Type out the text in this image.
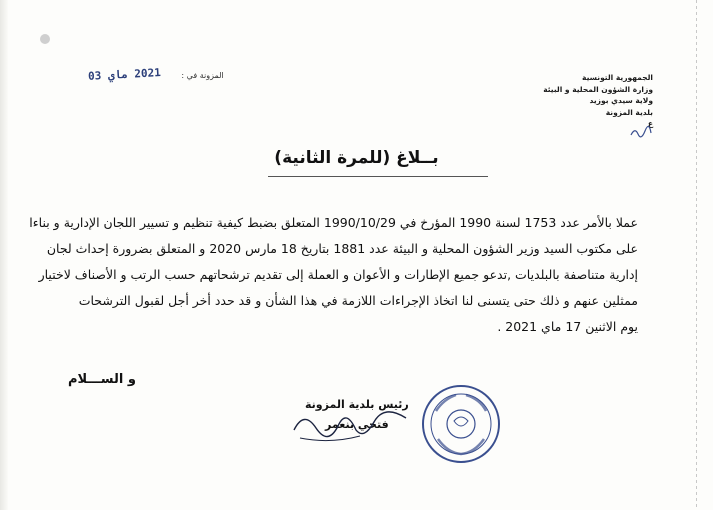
الجمهورية التونسية
وزارة الشؤون المحلية و البيئة
ولاية سيدي بوزيد
بلدية المزونة
ع
المزونة في : 2021 ماي 03
بــلاغ (للمرة الثانية)

عملا بالأمر عدد 1753 لسنة 1990 المؤرخ في 1990/10/29 المتعلق بضبط كيفية تنظيم و تسيير اللجان الإدارية و بناءا

على مكتوب السيد وزير الشؤون المحلية و البيئة عدد 1881 بتاريخ 18 مارس 2020 و المتعلق بضرورة إحداث لجان

إدارية متناصفة بالبلديات ,تدعو جميع الإطارات و الأعوان و العملة إلى تقديم ترشحاتهم حسب الرتب و الأصناف لاختيار

ممثلين عنهم و ذلك حتى يتسنى لنا اتخاذ الإجراءات اللازمة في هذا الشأن و قد حدد أخر أجل لقبول الترشحات

يوم الاثنين 17 ماي 2021 .

و الســـلام
رئيس بلدية المزونة
فتحي بنعمر
